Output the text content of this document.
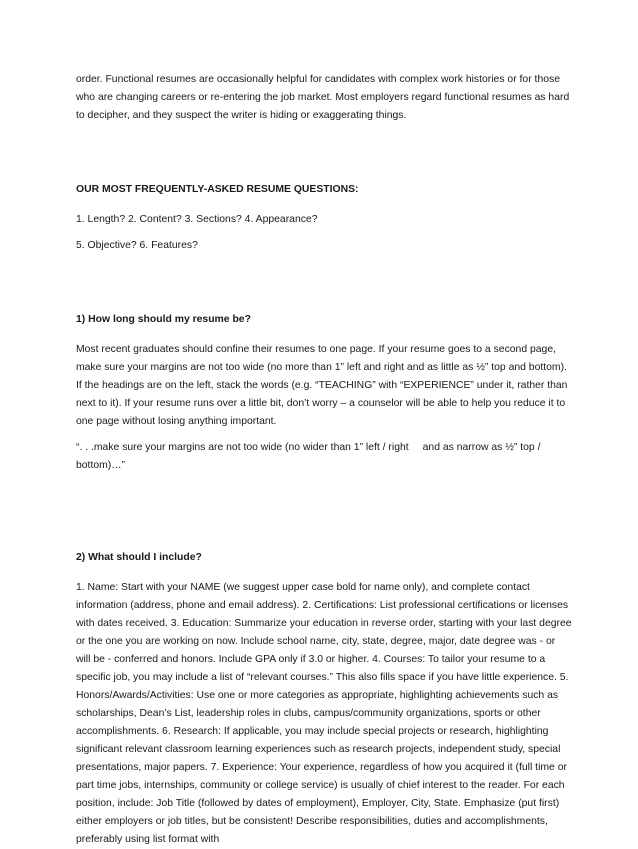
order. Functional resumes are occasionally helpful for candidates with complex work histories or for those who are changing careers or re-entering the job market. Most employers regard functional resumes as hard to decipher, and they suspect the writer is hiding or exaggerating things.

OUR MOST FREQUENTLY-ASKED RESUME QUESTIONS:

1. Length? 2. Content? 3. Sections? 4. Appearance?

5. Objective? 6. Features?

1) How long should my resume be?

Most recent graduates should confine their resumes to one page. If your resume goes to a second page, make sure your margins are not too wide (no more than 1” left and right and as little as ½” top and bottom). If the headings are on the left, stack the words (e.g. “TEACHING” with “EXPERIENCE” under it, rather than next to it). If your resume runs over a little bit, don’t worry – a counselor will be able to help you reduce it to one page without losing anything important.

“. . .make sure your margins are not too wide (no wider than 1” left / right and as narrow as ½” top / bottom)…”

2) What should I include?

1. Name: Start with your NAME (we suggest upper case bold for name only), and complete contact information (address, phone and email address). 2. Certifications: List professional certifications or licenses with dates received. 3. Education: Summarize your education in reverse order, starting with your last degree or the one you are working on now. Include school name, city, state, degree, major, date degree was - or will be - conferred and honors. Include GPA only if 3.0 or higher. 4. Courses: To tailor your resume to a specific job, you may include a list of “relevant courses.” This also fills space if you have little experience. 5. Honors/Awards/Activities: Use one or more categories as appropriate, highlighting achievements such as scholarships, Dean’s List, leadership roles in clubs, campus/community organizations, sports or other accomplishments. 6. Research: If applicable, you may include special projects or research, highlighting significant relevant classroom learning experiences such as research projects, independent study, special presentations, major papers. 7. Experience: Your experience, regardless of how you acquired it (full time or part time jobs, internships, community or college service) is usually of chief interest to the reader. For each position, include: Job Title (followed by dates of employment), Employer, City, State. Emphasize (put first) either employers or job titles, but be consistent! Describe responsibilities, duties and accomplishments, preferably using list format with
